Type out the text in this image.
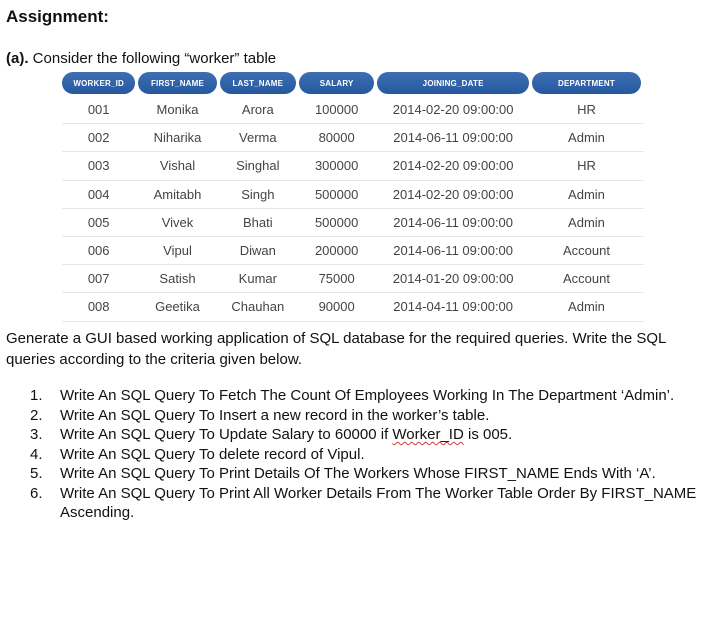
Assignment:
(a). Consider the following “worker” table
WORKER_ID	FIRST_NAME	LAST_NAME	SALARY	JOINING_DATE	DEPARTMENT
001	Monika	Arora	100000	2014-02-20 09:00:00	HR
002	Niharika	Verma	80000	2014-06-11 09:00:00	Admin
003	Vishal	Singhal	300000	2014-02-20 09:00:00	HR
004	Amitabh	Singh	500000	2014-02-20 09:00:00	Admin
005	Vivek	Bhati	500000	2014-06-11 09:00:00	Admin
006	Vipul	Diwan	200000	2014-06-11 09:00:00	Account
007	Satish	Kumar	75000	2014-01-20 09:00:00	Account
008	Geetika	Chauhan	90000	2014-04-11 09:00:00	Admin
Generate a GUI based working application of SQL database for the required queries. Write the SQL queries according to the criteria given below.
1.	Write An SQL Query To Fetch The Count Of Employees Working In The Department ‘Admin’.
2.	Write An SQL Query To Insert a new record in the worker’s table.
3.	Write An SQL Query To Update Salary to 60000 if Worker_ID is 005.
4.	Write An SQL Query To delete record of Vipul.
5.	Write An SQL Query To Print Details Of The Workers Whose FIRST_NAME Ends With ‘A’.
6.	Write An SQL Query To Print All Worker Details From The Worker Table Order By FIRST_NAME Ascending.
